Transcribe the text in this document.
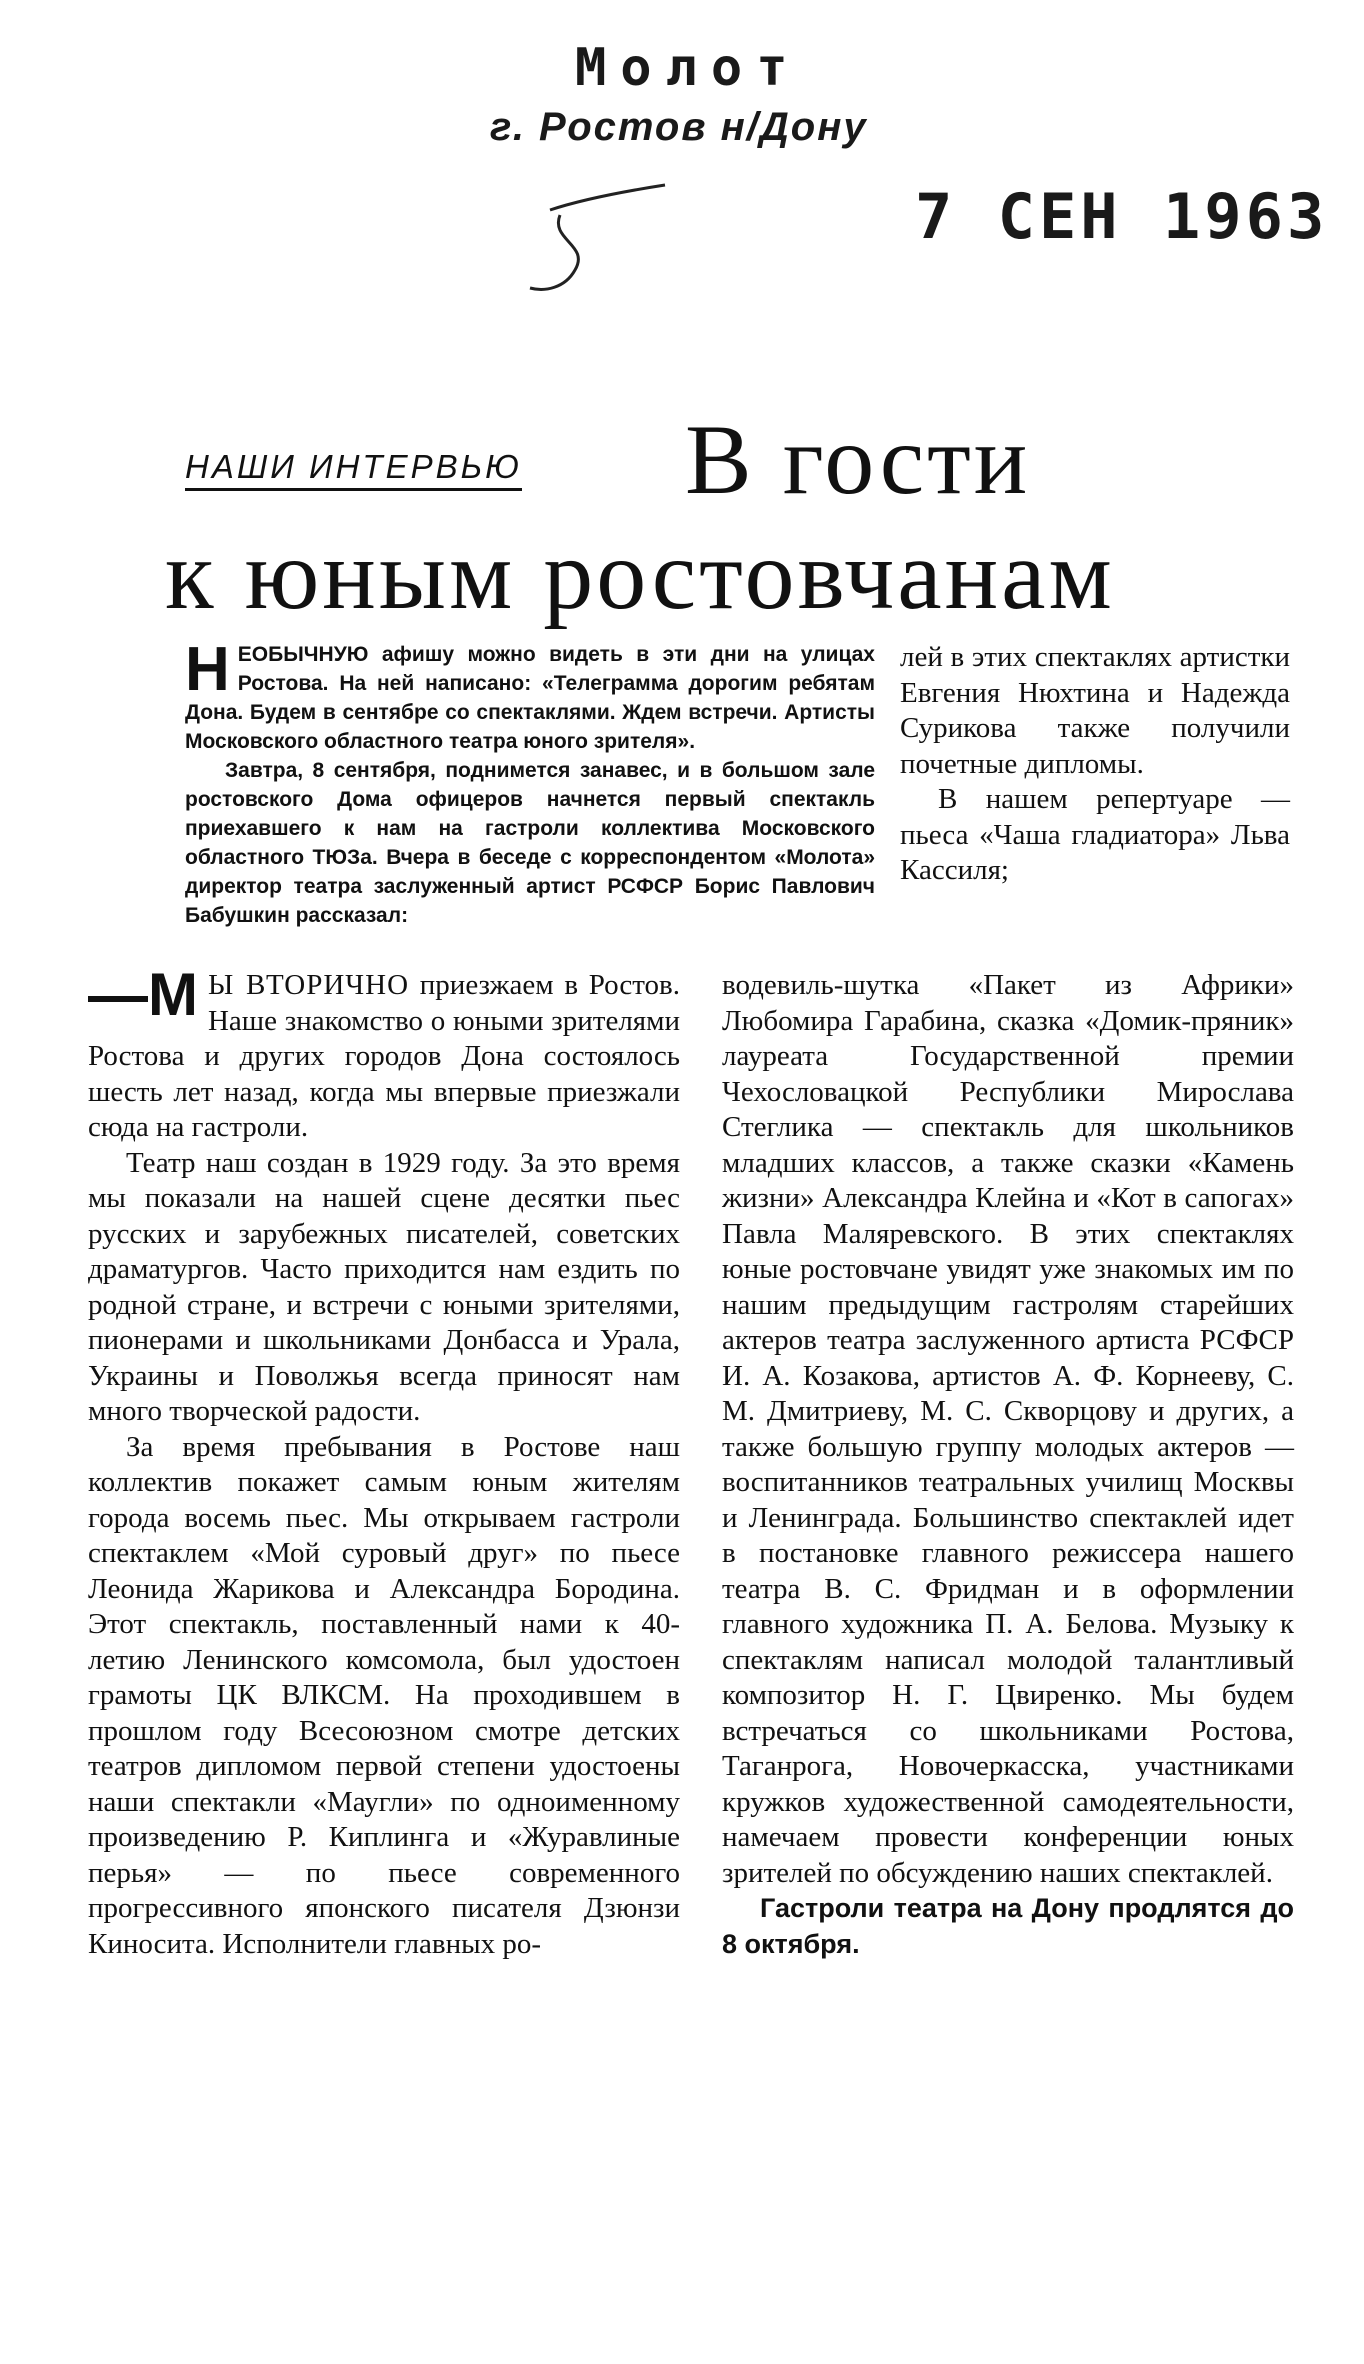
Молот
г. Ростов н/Дону
7 СЕН 1963
НАШИ ИНТЕРВЬЮ В гости
к юным ростовчанам
Н ЕОБЫЧНУЮ афишу можно видеть в эти дни на улицах Ростова. На ней написано: «Телеграмма дорогим ребятам Дона. Будем в сентябре со спектаклями. Ждем встречи. Артисты Московского областного театра юного зрителя».

Завтра, 8 сентября, поднимется занавес, и в большом зале ростовского Дома офицеров начнется первый спектакль приехавшего к нам на гастроли коллектива Московского областного ТЮЗа. Вчера в беседе с корреспондентом «Молота» директор театра заслуженный артист РСФСР Борис Павлович Бабушкин рассказал:

лей в этих спектаклях артистки Евгения Нюхтина и Надежда Сурикова также получили почетные дипломы.

В нашем репертуаре — пьеса «Чаша гладиатора» Льва Кассиля;

—М Ы ВТОРИЧНО приезжаем в Ростов. Наше знакомство о юными зрителями Ростова и других городов Дона состоялось шесть лет назад, когда мы впервые приезжали сюда на гастроли.

Театр наш создан в 1929 году. За это время мы показали на нашей сцене десятки пьес русских и зарубежных писателей, советских драматургов. Часто приходится нам ездить по родной стране, и встречи с юными зрителями, пионерами и школьниками Донбасса и Урала, Украины и Поволжья всегда приносят нам много творческой радости.

За время пребывания в Ростове наш коллектив покажет самым юным жителям города восемь пьес. Мы открываем гастроли спектаклем «Мой суровый друг» по пьесе Леонида Жарикова и Александра Бородина. Этот спектакль, поставленный нами к 40-летию Ленинского комсомола, был удостоен грамоты ЦК ВЛКСМ. На проходившем в прошлом году Всесоюзном смотре детских театров дипломом первой степени удостоены наши спектакли «Маугли» по одноименному произведению Р. Киплинга и «Журавлиные перья» — по пьесе современного прогрессивного японского писателя Дзюнзи Киносита. Исполнители главных ро-

водевиль-шутка «Пакет из Африки» Любомира Гарабина, сказка «Домик-пряник» лауреата Государственной премии Чехословацкой Республики Мирослава Стеглика — спектакль для школьников младших классов, а также сказки «Камень жизни» Александра Клейна и «Кот в сапогах» Павла Маляревского. В этих спектаклях юные ростовчане увидят уже знакомых им по нашим предыдущим гастролям старейших актеров театра заслуженного артиста РСФСР И. А. Козакова, артистов А. Ф. Корнееву, С. М. Дмитриеву, М. С. Скворцову и других, а также большую группу молодых актеров — воспитанников театральных училищ Москвы и Ленинграда. Большинство спектаклей идет в постановке главного режиссера нашего театра В. С. Фридман и в оформлении главного художника П. А. Белова. Музыку к спектаклям написал молодой талантливый композитор Н. Г. Цвиренко. Мы будем встречаться со школьниками Ростова, Таганрога, Новочеркасска, участниками кружков художественной самодеятельности, намечаем провести конференции юных зрителей по обсуждению наших спектаклей.

Гастроли театра на Дону продлятся до 8 октября.
